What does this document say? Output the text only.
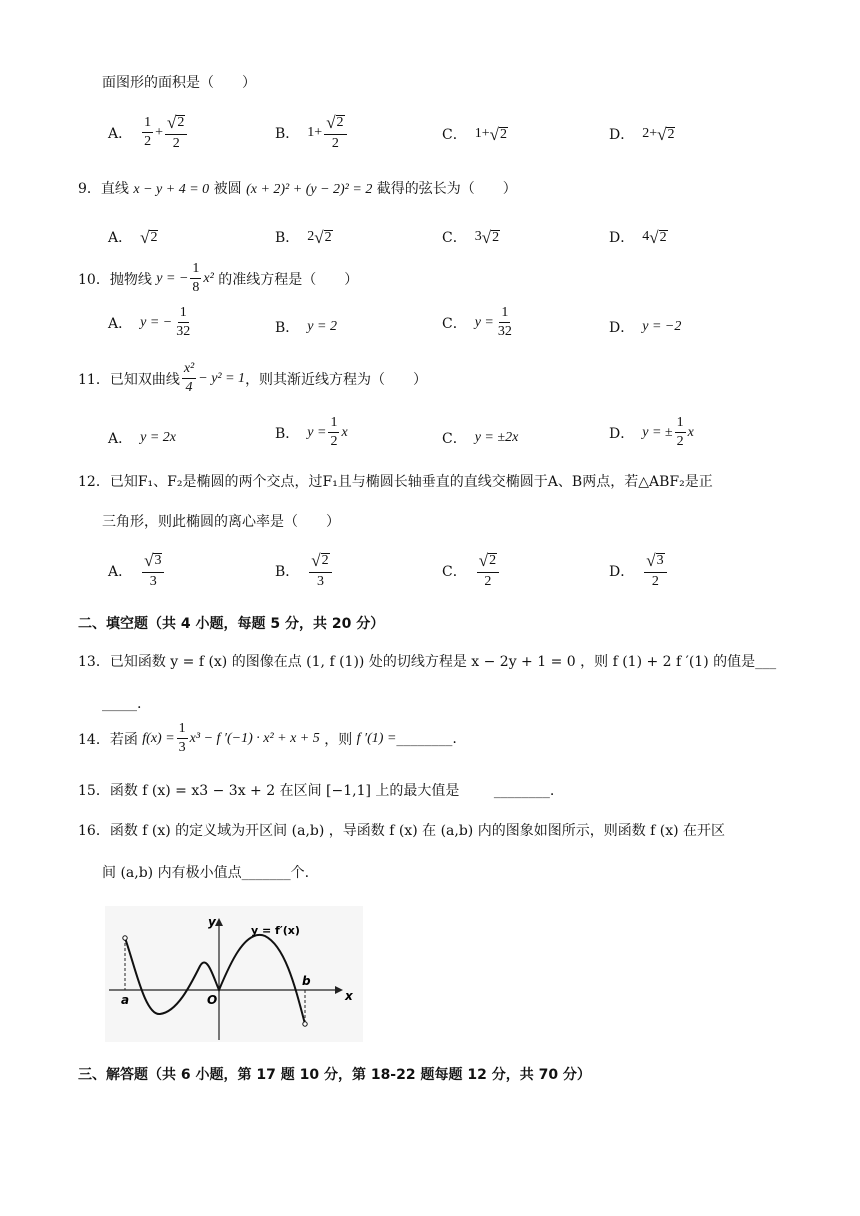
面图形的面积是（　　）
A． $\frac{1}{2} + \frac{√ 2}{2}$	B． $1+ \frac{√ 2}{2}$	C． 1+ √ 2	D． 2+ √ 2
9．直线 x − y + 4 = 0 被圆 (x + 2)² + (y − 2)² = 2 截得的弦长为（　　）
A． √ 2	B． 2 √ 2	C． 3 √ 2	D． 4 √ 2
10． 抛物线
y = − $\frac{1}{8} x^2$
的准线方程是（　　）
A． y = − $\frac{1}{32}$	B． y = 2	C． $y = \frac{1}{32}$	D． y = −2
11． 已知双曲线 $\frac{\text{x²}}{4} - y^2 = 1$ ，则其渐近线方程为（　　）
A． y = 2x	B． $y = \frac{1}{2}$ x	C． y = ±2x	D． y = ± $\frac{1}{2}$ x
12．已知F₁、F₂是椭圆的两个交点，过F₁且与椭圆长轴垂直的直线交椭圆于A、B两点，若△ABF₂是正
三角形，则此椭圆的离心率是（　　）
A． $\frac{√ 3}{3}$	B． $\frac{√ 2}{3}$	C． $\frac{√ 2}{2}$	D． $\frac{√ 3}{2}$
二、填空题（共 4 小题，每题 5 分，共 20 分）
13．已知函数 y = f (x) 的图像在点 (1, f (1)) 处的切线方程是 x − 2y + 1 = 0 ，则 f (1) + 2 f ′(1) 的值是___
_____.
14． 若函
$f(x) = \frac{1}{3} x^3 - f$ ′(−1) · x² + x + 5
，则
f ′(1) = ________.
15．函数 f (x) = x3 − 3x + 2 在区间 [−1,1] 上的最大值是 ________.
16．函数 f (x) 的定义域为开区间 (a,b) ，导函数 f (x) 在 (a,b) 内的图象如图所示，则函数 f (x) 在开区
间 (a,b) 内有极小值点_______个.
y
y = f′(x)
O
a
b
x
三、解答题（共 6 小题，第 17 题 10 分，第 18-22 题每题 12 分，共 70 分）
